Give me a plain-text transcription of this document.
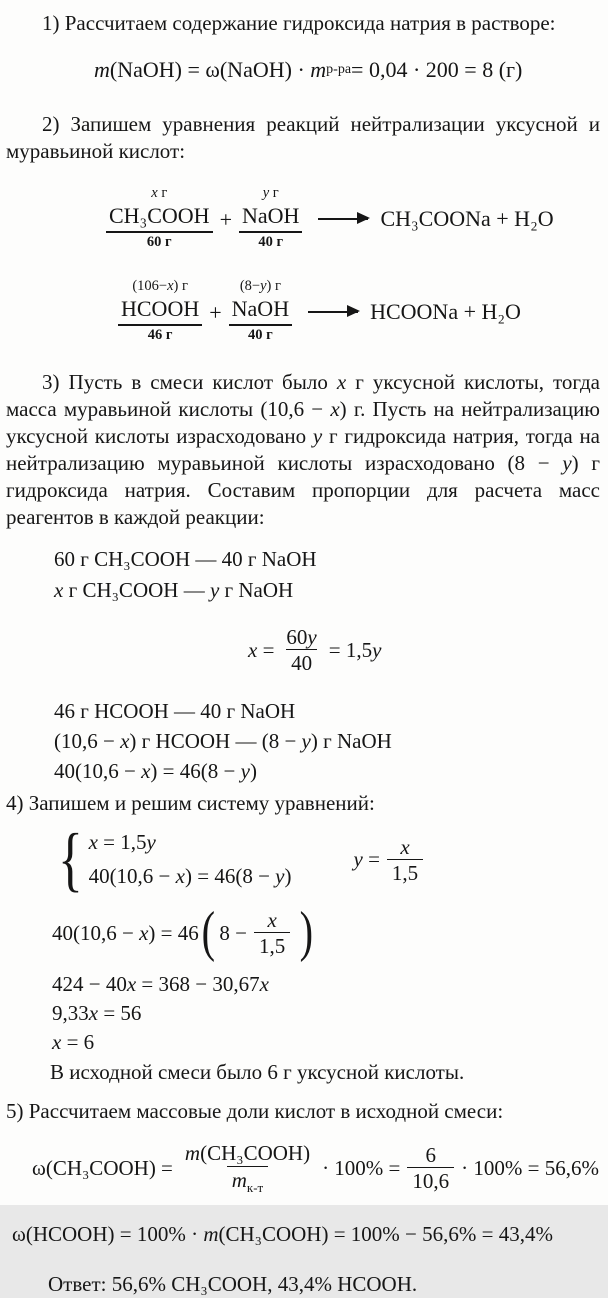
1) Рассчитаем содержание гидроксида натрия в растворе:
m(NaOH) = ω(NaOH) · m р-ра = 0,04 · 200 = 8 (г)
2) Запишем уравнения реакций нейтрализации уксусной и муравьиной кислот:
x г
CH₃COOH
60 г
+
y г
NaOH
40 г
→ CH₃COONa + H₂O
(106−x) г
HCOOH
46 г
+
(8−y) г
NaOH
40 г
→ HCOONa + H₂O
3) Пусть в смеси кислот было x г уксусной кислоты, тогда масса муравьиной кислоты (10,6 − x) г. Пусть на нейтрализацию уксусной кислоты израсходовано y г гидроксида натрия, тогда на нейтрализацию муравьиной кислоты израсходовано (8 − y) г гидроксида натрия. Составим пропорции для расчета масс реагентов в каждой реакции:
60 г CH₃COOH — 40 г NaOH
x г CH₃COOH — y г NaOH
$x = \frac{60y}{40} = 1,5y$
46 г HCOOH — 40 г NaOH
(10,6 − x) г HCOOH — (8 − y) г NaOH
40(10,6 − x) = 46(8 − y)
4) Запишем и решим систему уравнений:
{ x = 1,5y
40(10,6 − x) = 46(8 − y)
$y = \frac{x}{1,5}$
40(10,6 − x) = 46 ( $8 - \frac{x}{1,5}$ )
424 − 40x = 368 − 30,67x
9,33x = 56
x = 6
В исходной смеси было 6 г уксусной кислоты.
5) Рассчитаем массовые доли кислот в исходной смеси:
ω(CH₃COOH) = $\frac{\text{m(CH₃COOH)}}{m_{к-т}} \cdot 100\% = \frac{6}{10,6} \cdot 100\% = 56,6\%$
ω(HCOOH) = 100% · m(CH₃COOH) = 100% − 56,6% = 43,4%
Ответ: 56,6% CH₃COOH, 43,4% HCOOH.
